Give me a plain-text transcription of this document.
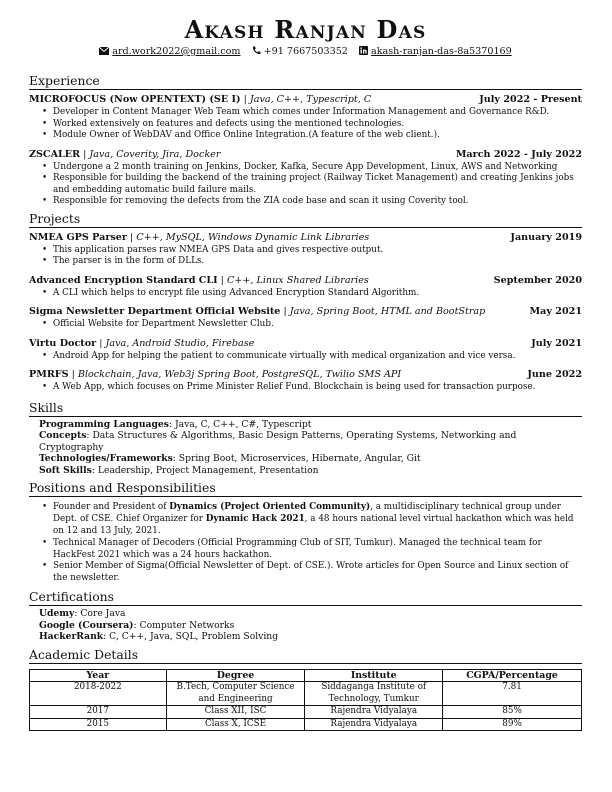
Akash Ranjan Das
ard.work2022@gmail.com +91 7667503352 akash-ranjan-das-8a5370169
Experience
MICROFOCUS (Now OPENTEXT) (SE I) | Java, C++, Typescript, C	July 2022 - Present
• Developer in Content Manager Web Team which comes under Information Management and Governance R&D.
• Worked extensively on features and defects using the mentioned technologies.
• Module Owner of WebDAV and Office Online Integration.(A feature of the web client.).
ZSCALER | Java, Coverity, Jira, Docker	March 2022 - July 2022
• Undergone a 2 month training on Jenkins, Docker, Kafka, Secure App Development, Linux, AWS and Networking
• Responsible for building the backend of the training project (Railway Ticket Management) and creating Jenkins jobs and embedding automatic build failure mails.
• Responsible for removing the defects from the ZIA code base and scan it using Coverity tool.
Projects
NMEA GPS Parser | C++, MySQL, Windows Dynamic Link Libraries	January 2019
• This application parses raw NMEA GPS Data and gives respective output.
• The parser is in the form of DLLs.
Advanced Encryption Standard CLI | C++, Linux Shared Libraries	September 2020
• A CLI which helps to encrypt file using Advanced Encryption Standard Algorithm.
Sigma Newsletter Department Official Website | Java, Spring Boot, HTML and BootStrap	May 2021
• Official Website for Department Newsletter Club.
Virtu Doctor | Java, Android Studio, Firebase	July 2021
• Android App for helping the patient to communicate virtually with medical organization and vice versa.
PMRFS | Blockchain, Java, Web3j Spring Boot, PostgreSQL, Twilio SMS API	June 2022
• A Web App, which focuses on Prime Minister Relief Fund. Blockchain is being used for transaction purpose.
Skills
Programming Languages: Java, C, C++, C#, Typescript
Concepts: Data Structures & Algorithms, Basic Design Patterns, Operating Systems, Networking and Cryptography
Technologies/Frameworks: Spring Boot, Microservices, Hibernate, Angular, Git
Soft Skills: Leadership, Project Management, Presentation
Positions and Responsibilities
• Founder and President of Dynamics (Project Oriented Community), a multidisciplinary technical group under Dept. of CSE. Chief Organizer for Dynamic Hack 2021, a 48 hours national level virtual hackathon which was held on 12 and 13 July, 2021.
• Technical Manager of Decoders (Official Programming Club of SIT, Tumkur). Managed the technical team for HackFest 2021 which was a 24 hours hackathon.
• Senior Member of Sigma(Official Newsletter of Dept. of CSE.). Wrote articles for Open Source and Linux section of the newsletter.
Certifications
Udemy: Core Java
Google (Coursera): Computer Networks
HackerRank: C, C++, Java, SQL, Problem Solving
Academic Details
Year	Degree	Institute	CGPA/Percentage
2018-2022	B.Tech, Computer Science and Engineering	Siddaganga Institute of Technology, Tumkur	7.81
2017	Class XII, ISC	Rajendra Vidyalaya	85%
2015	Class X, ICSE	Rajendra Vidyalaya	89%
